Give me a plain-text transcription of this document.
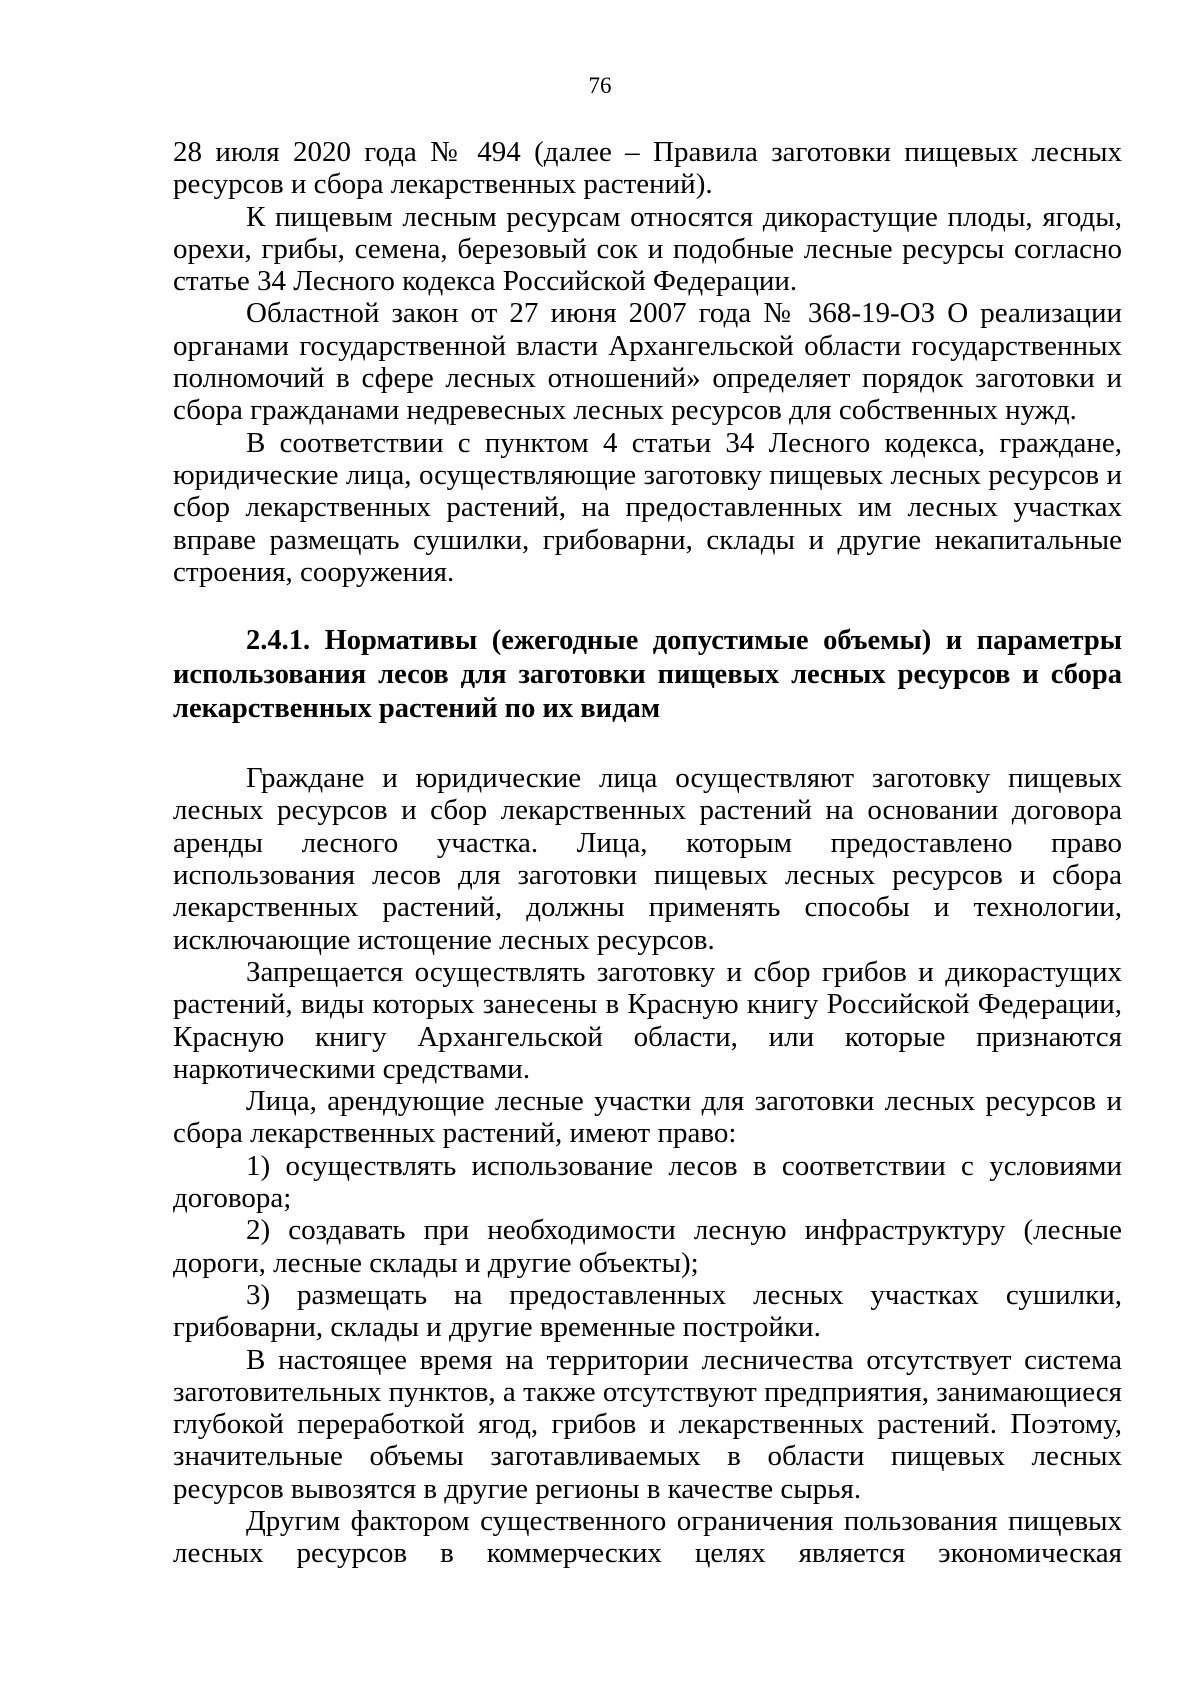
76

28 июля 2020 года № 494 (далее – Правила заготовки пищевых лесных ресурсов и сбора лекарственных растений).

К пищевым лесным ресурсам относятся дикорастущие плоды, ягоды, орехи, грибы, семена, березовый сок и подобные лесные ресурсы согласно статье 34 Лесного кодекса Российской Федерации.

Областной закон от 27 июня 2007 года № 368-19-ОЗ О реализации органами государственной власти Архангельской области государственных полномочий в сфере лесных отношений» определяет порядок заготовки и сбора гражданами недревесных лесных ресурсов для собственных нужд.

В соответствии с пунктом 4 статьи 34 Лесного кодекса, граждане, юридические лица, осуществляющие заготовку пищевых лесных ресурсов и сбор лекарственных растений, на предоставленных им лесных участках вправе размещать сушилки, грибоварни, склады и другие некапитальные строения, сооружения.

2.4.1. Нормативы (ежегодные допустимые объемы) и параметры использования лесов для заготовки пищевых лесных ресурсов и сбора лекарственных растений по их видам

Граждане и юридические лица осуществляют заготовку пищевых лесных ресурсов и сбор лекарственных растений на основании договора аренды лесного участка. Лица, которым предоставлено право использования лесов для заготовки пищевых лесных ресурсов и сбора лекарственных растений, должны применять способы и технологии, исключающие истощение лесных ресурсов.

Запрещается осуществлять заготовку и сбор грибов и дикорастущих растений, виды которых занесены в Красную книгу Российской Федерации, Красную книгу Архангельской области, или которые признаются наркотическими средствами.

Лица, арендующие лесные участки для заготовки лесных ресурсов и сбора лекарственных растений, имеют право:

1) осуществлять использование лесов в соответствии с условиями договора;

2) создавать при необходимости лесную инфраструктуру (лесные дороги, лесные склады и другие объекты);

3) размещать на предоставленных лесных участках сушилки, грибоварни, склады и другие временные постройки.

В настоящее время на территории лесничества отсутствует система заготовительных пунктов, а также отсутствуют предприятия, занимающиеся глубокой переработкой ягод, грибов и лекарственных растений. Поэтому, значительные объемы заготавливаемых в области пищевых лесных ресурсов вывозятся в другие регионы в качестве сырья.

Другим фактором существенного ограничения пользования пищевых лесных ресурсов в коммерческих целях является экономическая
